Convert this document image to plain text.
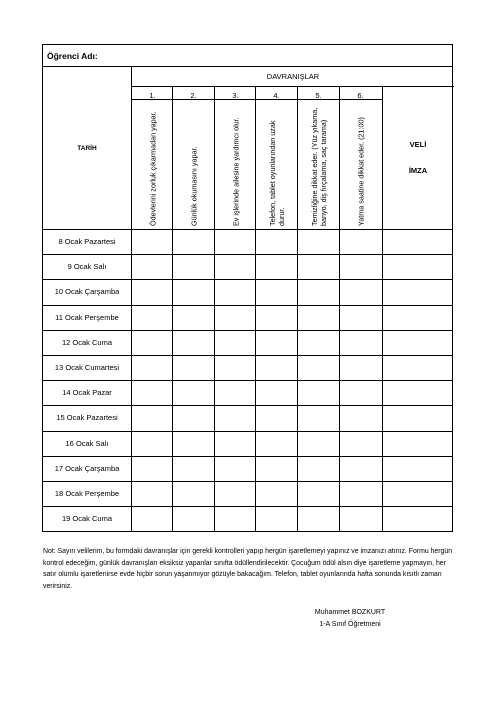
Öğrenci Adı:
DAVRANIŞLAR
1.	2.	3.	4.	5.	6.
Ödevlerini zorluk çıkarmadan yapar.	Günlük okumasını yapar.	Ev işlerinde ailesine yardımcı olur.	Telefon, tablet oyunlarından uzak durur.	Temizliğine dikkat eder. (Yüz yıkama, banyo, diş fırçalama, saç tarama)	Yatma saatine dikkat eder. (21:00)
TARİH	VELİ
İMZA
8 Ocak Pazartesi
9 Ocak Salı
10 Ocak Çarşamba
11 Ocak Perşembe
12 Ocak Cuma
13 Ocak Cumartesi
14 Ocak Pazar
15 Ocak Pazartesi
16 Ocak Salı
17 Ocak Çarşamba
18 Ocak Perşembe
19 Ocak Cuma
Not: Sayın velilerim, bu formdaki davranışlar için gerekli kontrolleri yapıp hergün işaretlemeyi yapınız ve imzanızı atınız. Formu hergün kontrol edeceğim, günlük davranışları eksiksiz yapanlar sınıfta ödüllendirilecektir. Çocuğum ödül alsın diye işaretleme yapmayın, her satır olumlu işaretlenirse evde hiçbir sorun yaşanmıyor gözüyle bakacağım. Telefon, tablet oyunlarında hafta sonunda kısıtlı zaman verirsiniz.
Muhammet BOZKURT
1-A Sınıf Öğretmeni
